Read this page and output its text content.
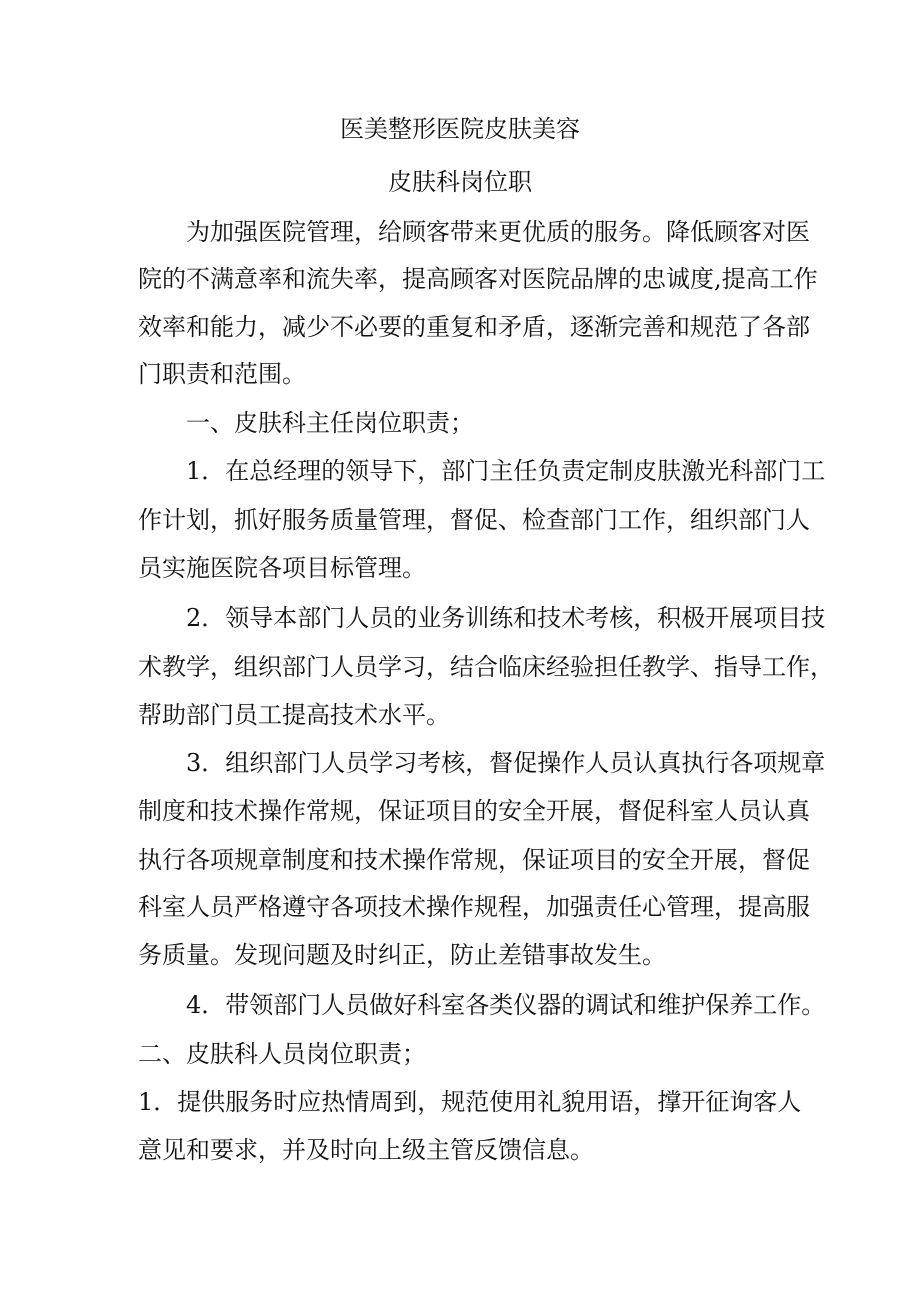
医美整形医院皮肤美容
皮肤科岗位职
为加强医院管理，给顾客带来更优质的服务。降低顾客对医
院的不满意率和流失率，提高顾客对医院品牌的忠诚度,提高工作
效率和能力，减少不必要的重复和矛盾，逐渐完善和规范了各部
门职责和范围。
一、皮肤科主任岗位职责；
1．在总经理的领导下，部门主任负责定制皮肤激光科部门工
作计划，抓好服务质量管理，督促、检查部门工作，组织部门人
员实施医院各项目标管理。
2．领导本部门人员的业务训练和技术考核，积极开展项目技
术教学，组织部门人员学习，结合临床经验担任教学、指导工作，
帮助部门员工提高技术水平。
3．组织部门人员学习考核，督促操作人员认真执行各项规章
制度和技术操作常规，保证项目的安全开展，督促科室人员认真
执行各项规章制度和技术操作常规，保证项目的安全开展，督促
科室人员严格遵守各项技术操作规程，加强责任心管理，提高服
务质量。发现问题及时纠正，防止差错事故发生。
4．带领部门人员做好科室各类仪器的调试和维护保养工作。
二、皮肤科人员岗位职责；
1．提供服务时应热情周到，规范使用礼貌用语，撑开征询客人
意见和要求，并及时向上级主管反馈信息。
